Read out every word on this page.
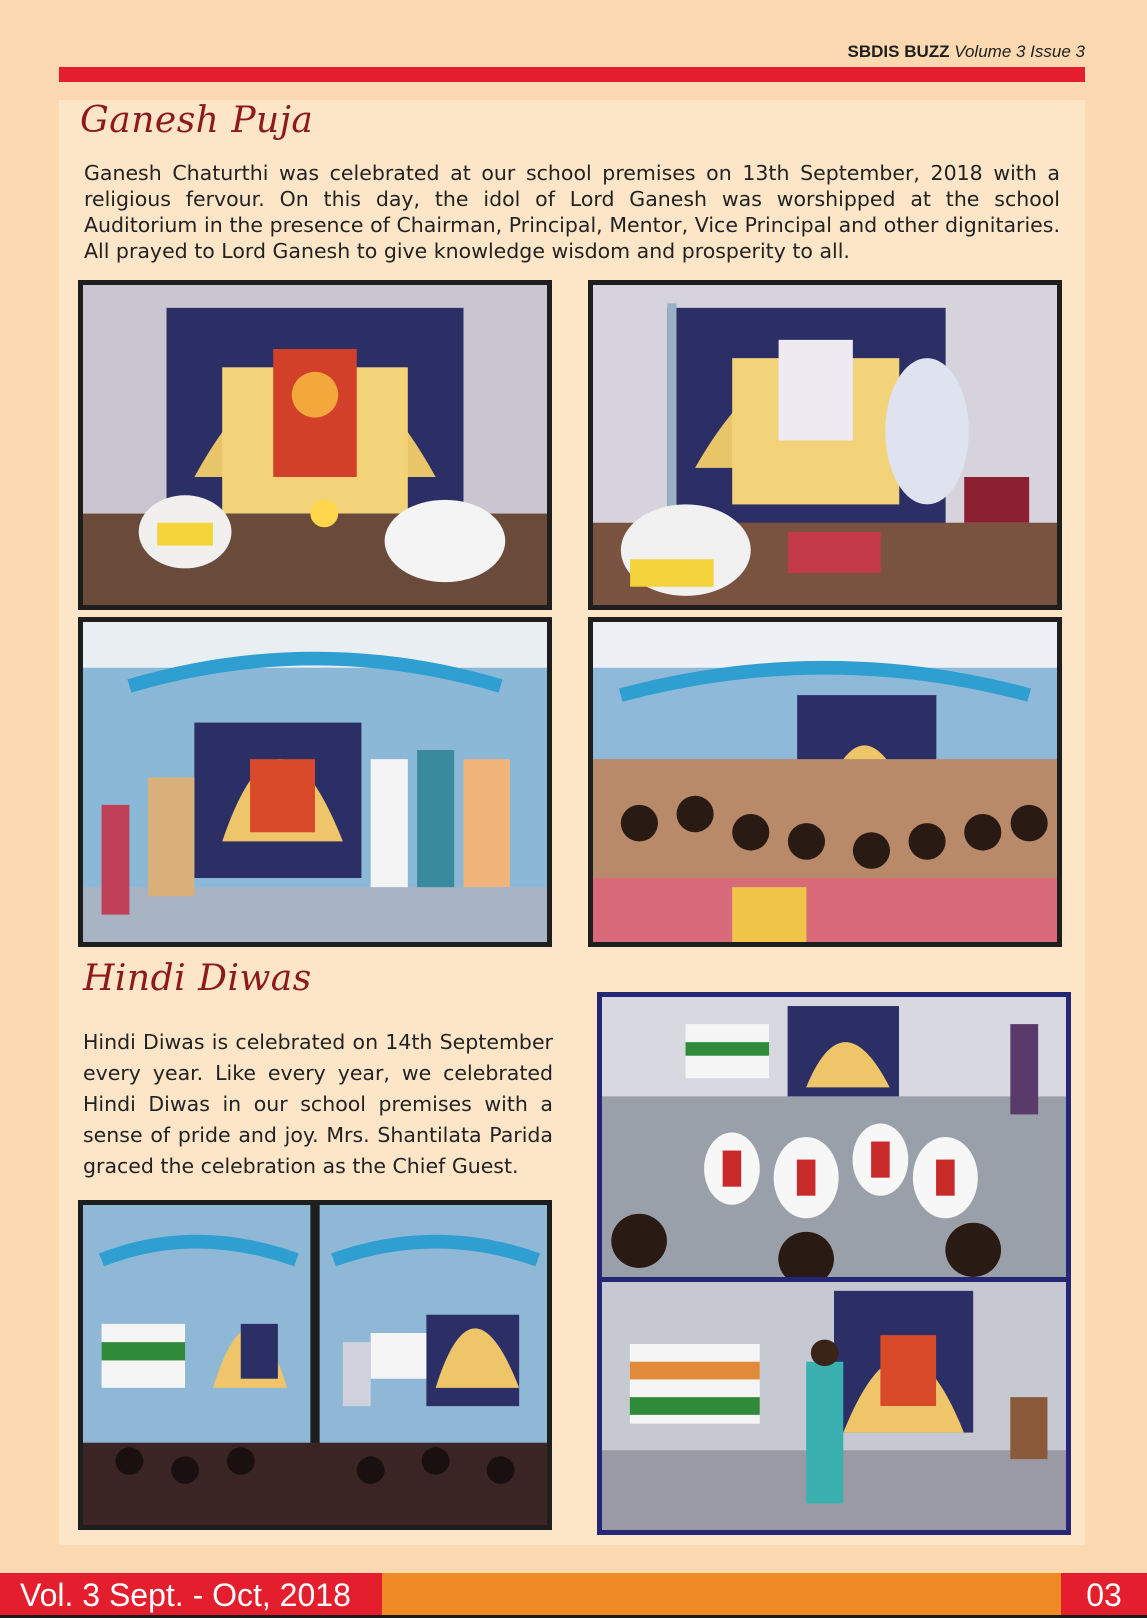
SBDIS BUZZ Volume 3 Issue 3
Ganesh Puja

Ganesh Chaturthi was celebrated at our school premises on 13th September, 2018 with a religious fervour. On this day, the idol of Lord Ganesh was worshipped at the school Auditorium in the presence of Chairman, Principal, Mentor, Vice Principal and other dignitaries. All prayed to Lord Ganesh to give knowledge wisdom and prosperity to all.

Hindi Diwas

Hindi Diwas is celebrated on 14th September every year. Like every year, we celebrated Hindi Diwas in our school premises with a sense of pride and joy. Mrs. Shantilata Parida graced the celebration as the Chief Guest.

Vol. 3 Sept. - Oct, 2018	03
